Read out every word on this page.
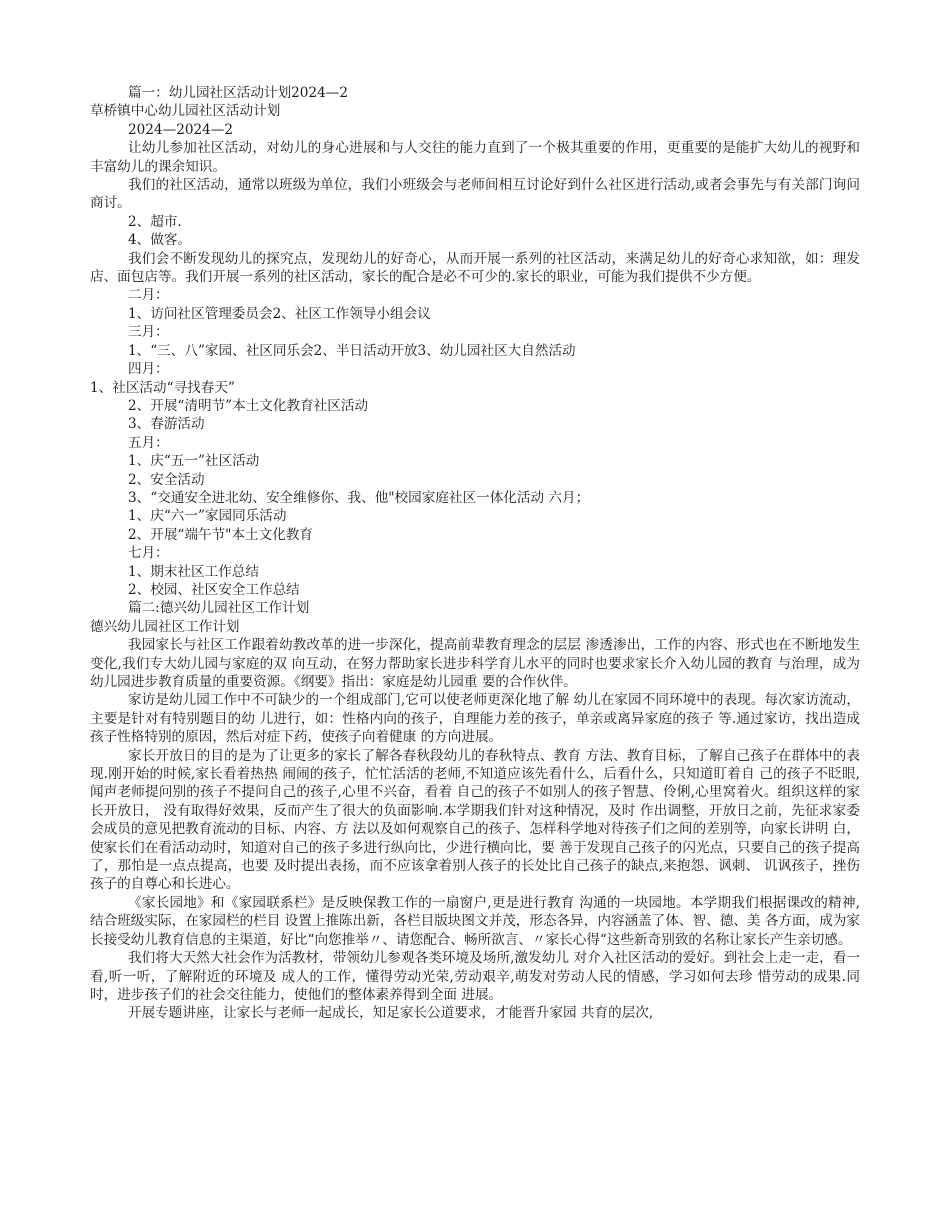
篇一：幼儿园社区活动计划2024—2
草桥镇中心幼儿园社区活动计划
2024—2024—2
让幼儿参加社区活动，对幼儿的身心进展和与人交往的能力直到了一个极其重要的作用，更重要的是能扩大幼儿的视野和丰富幼儿的课余知识。
我们的社区活动，通常以班级为单位，我们小班级会与老师间相互讨论好到什么社区进行活动,或者会事先与有关部门询问商讨。
2、超市.
4、做客。
我们会不断发现幼儿的探究点，发现幼儿的好奇心，从而开展一系列的社区活动，来满足幼儿的好奇心求知欲，如：理发店、面包店等。我们开展一系列的社区活动，家长的配合是必不可少的.家长的职业，可能为我们提供不少方便。
二月：
1、访问社区管理委员会2、社区工作领导小组会议
三月：
1、“三、八”家园、社区同乐会2、半日活动开放3、幼儿园社区大自然活动
四月：
1、社区活动“寻找春天”
2、开展“清明节”本土文化教育社区活动
3、春游活动
五月：
1、庆“五一”社区活动
2、安全活动
3、“交通安全进北幼、安全维修你、我、他"校园家庭社区一体化活动 六月；
1、庆“六一”家园同乐活动
2、开展“端午节"本土文化教育
七月：
1、期末社区工作总结
2、校园、社区安全工作总结
篇二:德兴幼儿园社区工作计划
德兴幼儿园社区工作计划
我园家长与社区工作跟着幼教改革的进一步深化，提高前辈教育理念的层层 渗透渗出，工作的内容、形式也在不断地发生变化,我们专大幼儿园与家庭的双 向互动，在努力帮助家长进步科学育儿水平的同时也要求家长介入幼儿园的教育 与治理，成为幼儿园进步教育质量的重要资源。《纲要》指出：家庭是幼儿园重 要的合作伙伴。
家访是幼儿园工作中不可缺少的一个组成部门,它可以使老师更深化地了解 幼儿在家园不同环境中的表现。每次家访流动，主要是针对有特别题目的幼 儿进行，如：性格内向的孩子，自理能力差的孩子，单亲或离异家庭的孩子 等.通过家访，找出造成孩子性格特别的原因，然后对症下药，使孩子向着健康 的方向进展。
家长开放日的目的是为了让更多的家长了解各春秋段幼儿的春秋特点、教育 方法、教育目标，了解自己孩子在群体中的表现.刚开始的时候,家长看着热热 闹闹的孩子，忙忙活活的老师,不知道应该先看什么，后看什么，只知道盯着自 己的孩子不眨眼,闻声老师提问别的孩子不提问自己的孩子,心里不兴奋，看着 自己的孩子不如别人的孩子智慧、伶俐,心里窝着火。组织这样的家长开放日， 没有取得好效果，反而产生了很大的负面影响.本学期我们针对这种情况，及时 作出调整，开放日之前，先征求家委会成员的意见把教育流动的目标、内容、方 法以及如何观察自己的孩子、怎样科学地对待孩子们之间的差别等，向家长讲明 白，使家长们在看活动动时，知道对自己的孩子多进行纵向比，少进行横向比，要 善于发现自己孩子的闪光点，只要自己的孩子提高了，那怕是一点点提高，也要 及时提出表扬，而不应该拿着别人孩子的长处比自己孩子的缺点,来抱怨、讽刺、 讥讽孩子，挫伤孩子的自尊心和长进心。
《家长园地》和《家园联系栏》是反映保教工作的一扇窗户,更是进行教育 沟通的一块园地。本学期我们根据课改的精神,结合班级实际，在家园栏的栏目 设置上推陈出新，各栏目版块图文并茂，形态各异，内容涵盖了体、智、德、美 各方面，成为家长接受幼儿教育信息的主渠道，好比“向您推举〃、请您配合、畅所欲言、〃家长心得“这些新奇别致的名称让家长产生亲切感。
我们将大天然大社会作为活教材，带领幼儿参观各类环境及场所,激发幼儿 对介入社区活动的爱好。到社会上走一走，看一看,听一听，了解附近的环境及 成人的工作，懂得劳动光荣,劳动艰辛,萌发对劳动人民的情感，学习如何去珍 惜劳动的成果.同时，进步孩子们的社会交往能力，使他们的整体素养得到全面 进展。
开展专题讲座，让家长与老师一起成长，知足家长公道要求，才能晋升家园 共育的层次,
